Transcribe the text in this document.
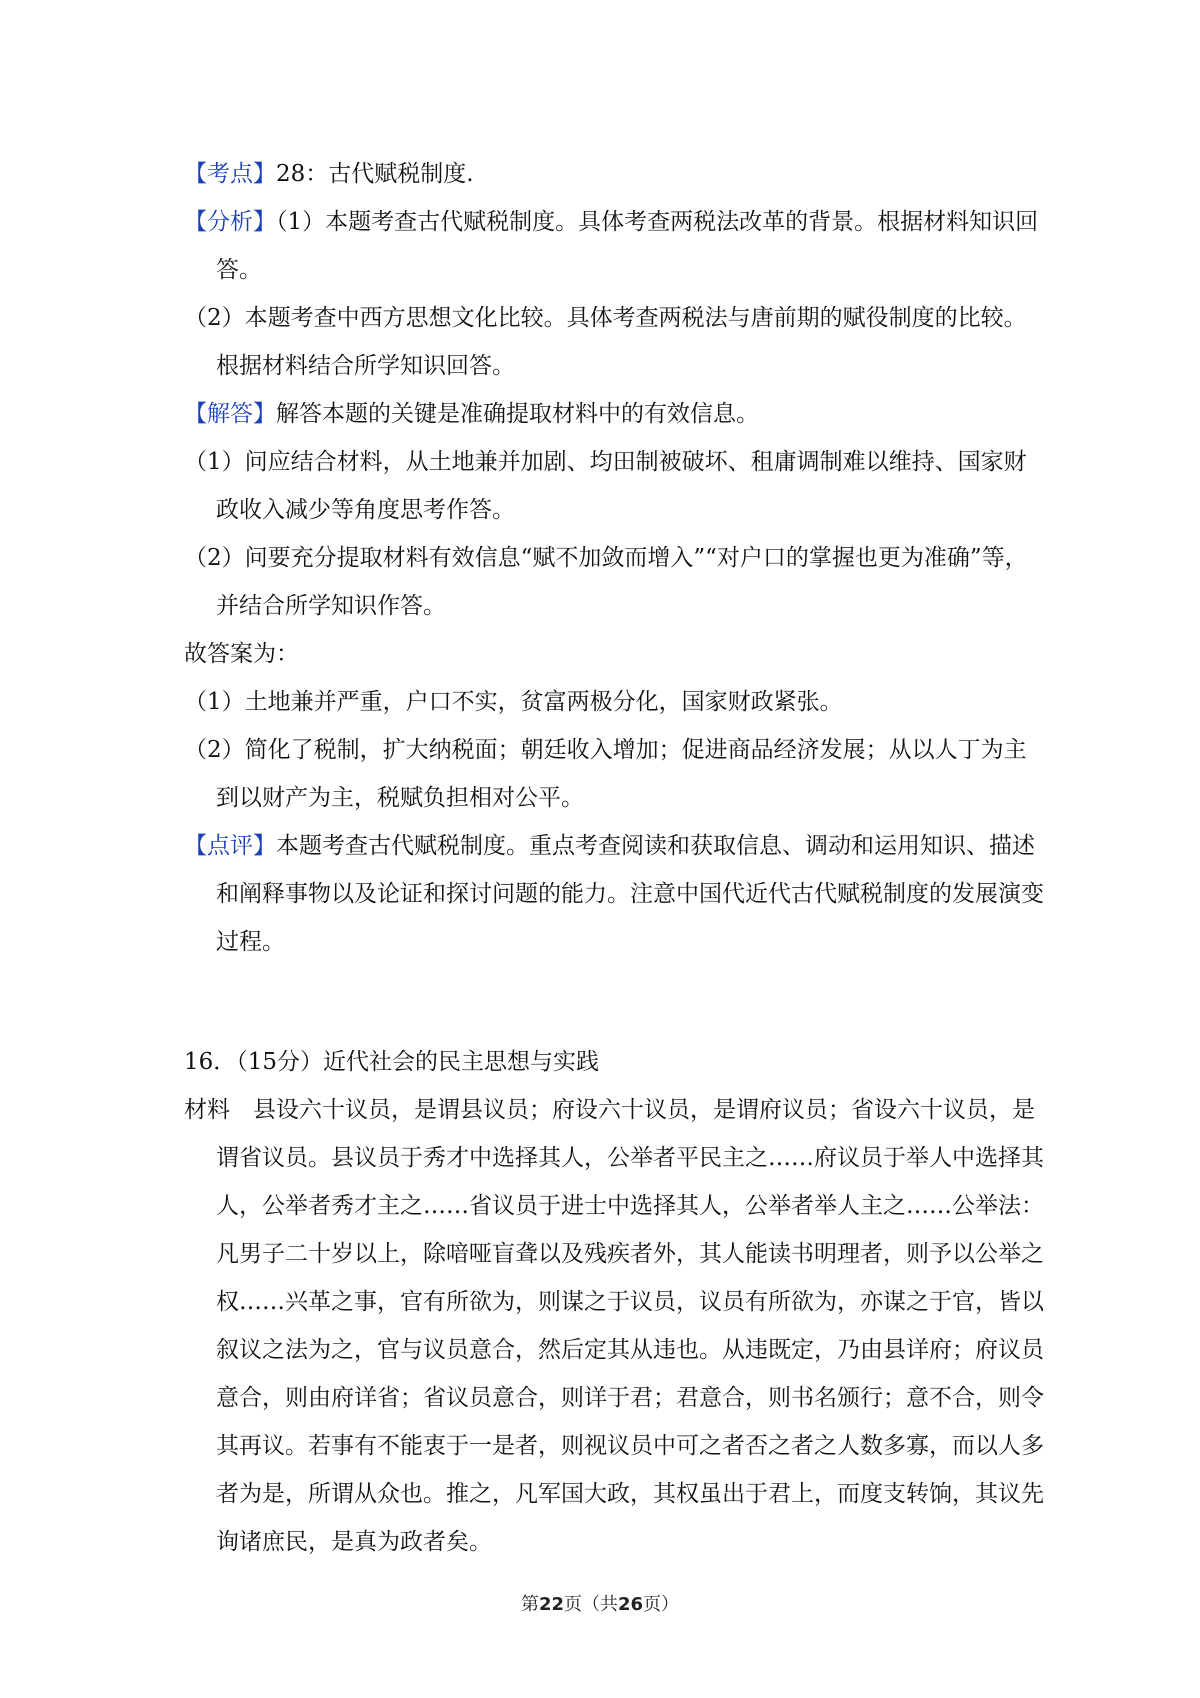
【考点】28：古代赋税制度.

【分析】（1）本题考查古代赋税制度。具体考查两税法改革的背景。根据材料知识回答。

（2）本题考查中西方思想文化比较。具体考查两税法与唐前期的赋役制度的比较。根据材料结合所学知识回答。

【解答】解答本题的关键是准确提取材料中的有效信息。

（1）问应结合材料，从土地兼并加剧、均田制被破坏、租庸调制难以维持、国家财政收入减少等角度思考作答。

（2）问要充分提取材料有效信息“赋不加敛而增入”“对户口的掌握也更为准确”等，并结合所学知识作答。

故答案为：

（1）土地兼并严重，户口不实，贫富两极分化，国家财政紧张。

（2）简化了税制，扩大纳税面；朝廷收入增加；促进商品经济发展；从以人丁为主到以财产为主，税赋负担相对公平。

【点评】本题考查古代赋税制度。重点考查阅读和获取信息、调动和运用知识、描述和阐释事物以及论证和探讨问题的能力。注意中国代近代古代赋税制度的发展演变过程。

16．（15分）近代社会的民主思想与实践

材料　县设六十议员，是谓县议员；府设六十议员，是谓府议员；省设六十议员，是谓省议员。县议员于秀才中选择其人，公举者平民主之……府议员于举人中选择其人，公举者秀才主之……省议员于进士中选择其人，公举者举人主之……公举法：凡男子二十岁以上，除喑哑盲聋以及残疾者外，其人能读书明理者，则予以公举之权……兴革之事，官有所欲为，则谋之于议员，议员有所欲为，亦谋之于官，皆以叙议之法为之，官与议员意合，然后定其从违也。从违既定，乃由县详府；府议员意合，则由府详省；省议员意合，则详于君；君意合，则书名颁行；意不合，则令其再议。若事有不能衷于一是者，则视议员中可之者否之者之人数多寡，而以人多者为是，所谓从众也。推之，凡军国大政，其权虽出于君上，而度支转饷，其议先询诸庶民，是真为政者矣。

第22页（共26页）
